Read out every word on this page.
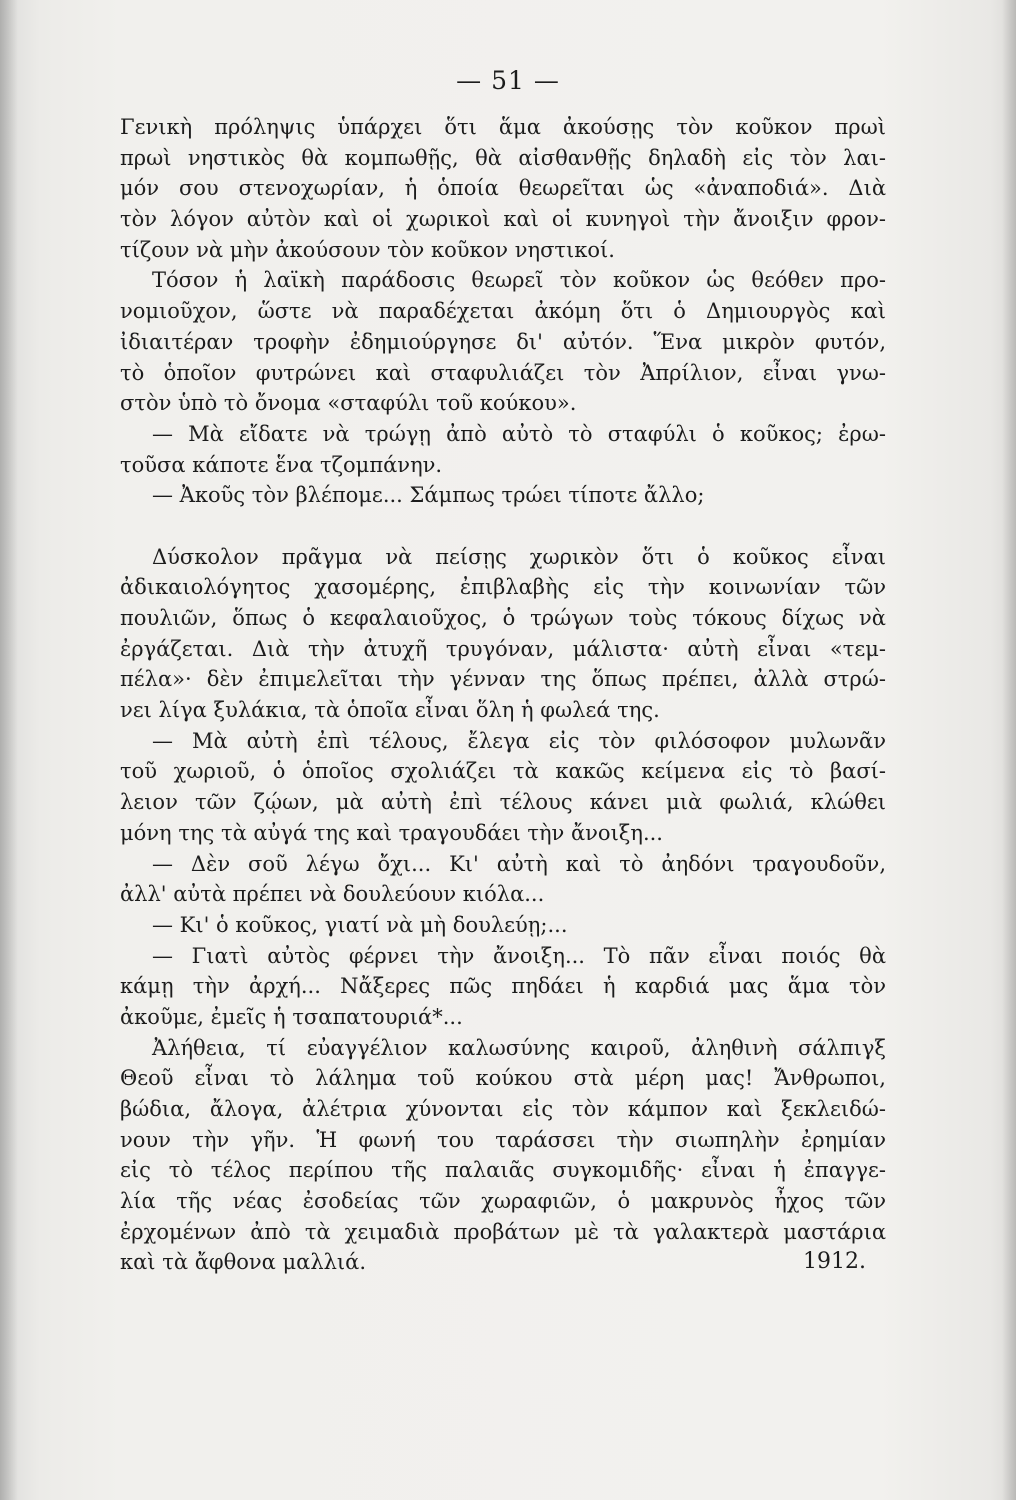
— 51 —
Γενικὴ πρόληψις ὑπάρχει ὅτι ἅμα ἀκούσῃς τὸν κοῦκον πρωὶ
πρωὶ νηστικὸς θὰ κομπωθῇς, θὰ αἰσθανθῇς δηλαδὴ εἰς τὸν λαι-
μόν σου στενοχωρίαν, ἡ ὁποία θεωρεῖται ὡς «ἀναποδιά». Διὰ
τὸν λόγον αὐτὸν καὶ οἱ χωρικοὶ καὶ οἱ κυνηγοὶ τὴν ἄνοιξιν φρον-
τίζουν νὰ μὴν ἀκούσουν τὸν κοῦκον νηστικοί.
Τόσον ἡ λαϊκὴ παράδοσις θεωρεῖ τὸν κοῦκον ὡς θεόθεν προ-
νομιοῦχον, ὥστε νὰ παραδέχεται ἀκόμη ὅτι ὁ Δημιουργὸς καὶ
ἰδιαιτέραν τροφὴν ἐδημιούργησε δι' αὐτόν. Ἕνα μικρὸν φυτόν,
τὸ ὁποῖον φυτρώνει καὶ σταφυλιάζει τὸν Ἀπρίλιον, εἶναι γνω-
στὸν ὑπὸ τὸ ὄνομα «σταφύλι τοῦ κούκου».
— Μὰ εἴδατε νὰ τρώγῃ ἀπὸ αὐτὸ τὸ σταφύλι ὁ κοῦκος; ἐρω-
τοῦσα κάποτε ἕνα τζομπάνην.
— Ἀκοῦς τὸν βλέπομε... Σάμπως τρώει τίποτε ἄλλο;
Δύσκολον πρᾶγμα νὰ πείσῃς χωρικὸν ὅτι ὁ κοῦκος εἶναι
ἀδικαιολόγητος χασομέρης, ἐπιβλαβὴς εἰς τὴν κοινωνίαν τῶν
πουλιῶν, ὅπως ὁ κεφαλαιοῦχος, ὁ τρώγων τοὺς τόκους δίχως νὰ
ἐργάζεται. Διὰ τὴν ἀτυχῆ τρυγόναν, μάλιστα· αὐτὴ εἶναι «τεμ-
πέλα»· δὲν ἐπιμελεῖται τὴν γένναν της ὅπως πρέπει, ἀλλὰ στρώ-
νει λίγα ξυλάκια, τὰ ὁποῖα εἶναι ὅλη ἡ φωλεά της.
— Μὰ αὐτὴ ἐπὶ τέλους, ἔλεγα εἰς τὸν φιλόσοφον μυλωνᾶν
τοῦ χωριοῦ, ὁ ὁποῖος σχολιάζει τὰ κακῶς κείμενα εἰς τὸ βασί-
λειον τῶν ζῴων, μὰ αὐτὴ ἐπὶ τέλους κάνει μιὰ φωλιά, κλώθει
μόνη της τὰ αὐγά της καὶ τραγουδάει τὴν ἄνοιξη...
— Δὲν σοῦ λέγω ὄχι... Κι' αὐτὴ καὶ τὸ ἀηδόνι τραγουδοῦν,
ἀλλ' αὐτὰ πρέπει νὰ δουλεύουν κιόλα...
— Κι' ὁ κοῦκος, γιατί νὰ μὴ δουλεύῃ;...
— Γιατὶ αὐτὸς φέρνει τὴν ἄνοιξη... Τὸ πᾶν εἶναι ποιός θὰ
κάμῃ τὴν ἀρχή... Νἄξερες πῶς πηδάει ἡ καρδιά μας ἅμα τὸν
ἀκοῦμε, ἐμεῖς ἡ τσαπατουριά*...
Ἀλήθεια, τί εὐαγγέλιον καλωσύνης καιροῦ, ἀληθινὴ σάλπιγξ
Θεοῦ εἶναι τὸ λάλημα τοῦ κούκου στὰ μέρη μας! Ἄνθρωποι,
βώδια, ἄλογα, ἀλέτρια χύνονται εἰς τὸν κάμπον καὶ ξεκλειδώ-
νουν τὴν γῆν. Ἡ φωνή του ταράσσει τὴν σιωπηλὴν ἐρημίαν
εἰς τὸ τέλος περίπου τῆς παλαιᾶς συγκομιδῆς· εἶναι ἡ ἐπαγγε-
λία τῆς νέας ἐσοδείας τῶν χωραφιῶν, ὁ μακρυνὸς ἦχος τῶν
ἐρχομένων ἀπὸ τὰ χειμαδιὰ προβάτων μὲ τὰ γαλακτερὰ μαστάρια
καὶ τὰ ἄφθονα μαλλιά.	1912.
